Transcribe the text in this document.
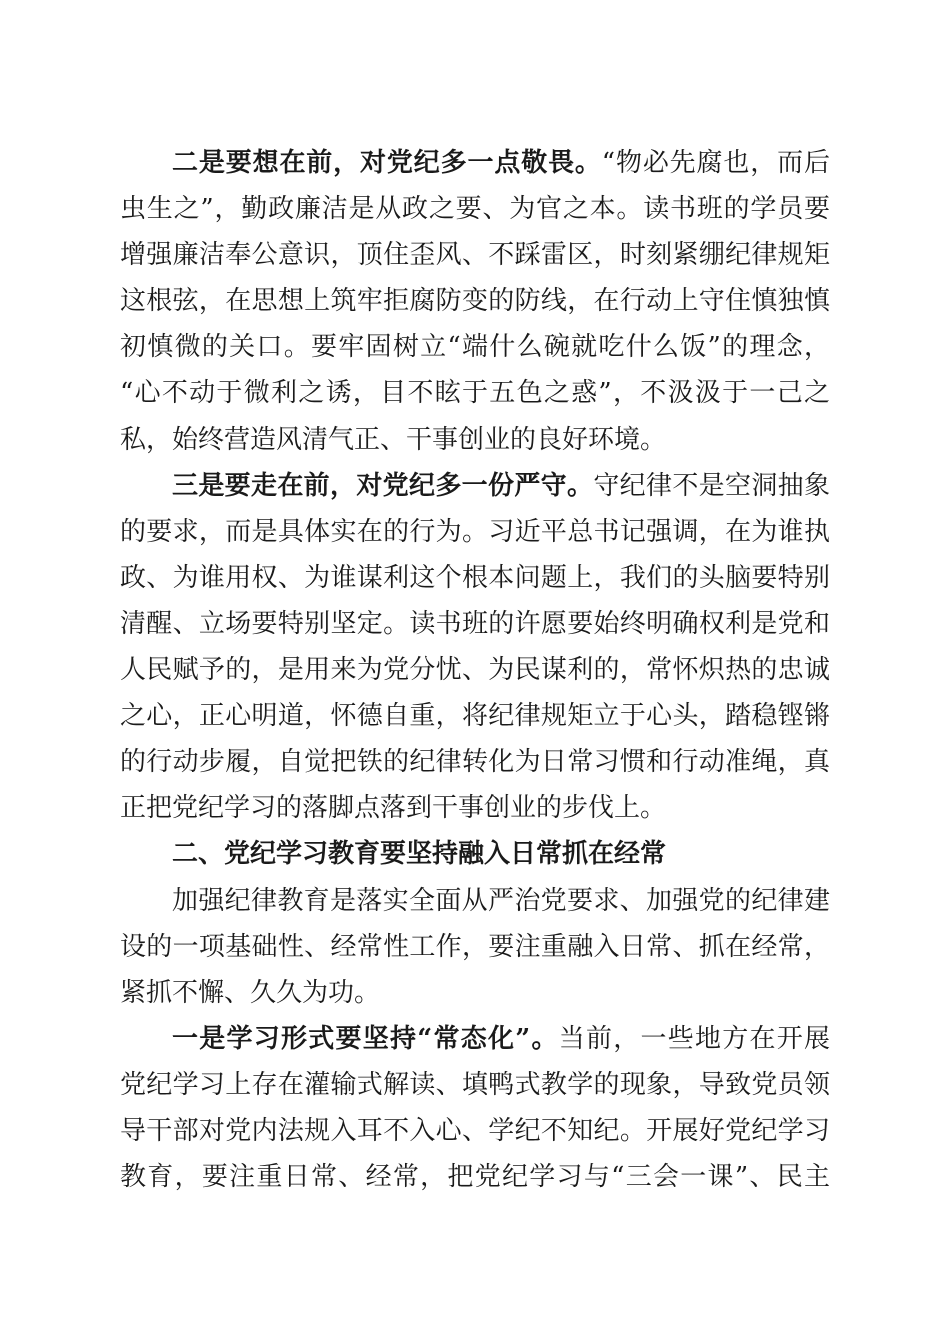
二是要想在前，对党纪多一点敬畏。“物必先腐也，而后
虫生之”，勤政廉洁是从政之要、为官之本。读书班的学员要
增强廉洁奉公意识，顶住歪风、不踩雷区，时刻紧绷纪律规矩
这根弦，在思想上筑牢拒腐防变的防线，在行动上守住慎独慎
初慎微的关口。要牢固树立“端什么碗就吃什么饭”的理念，
“心不动于微利之诱，目不眩于五色之惑”，不汲汲于一己之
私，始终营造风清气正、干事创业的良好环境。
三是要走在前，对党纪多一份严守。守纪律不是空洞抽象
的要求，而是具体实在的行为。习近平总书记强调，在为谁执
政、为谁用权、为谁谋利这个根本问题上，我们的头脑要特别
清醒、立场要特别坚定。读书班的许愿要始终明确权利是党和
人民赋予的，是用来为党分忧、为民谋利的，常怀炽热的忠诚
之心，正心明道，怀德自重，将纪律规矩立于心头，踏稳铿锵
的行动步履，自觉把铁的纪律转化为日常习惯和行动准绳，真
正把党纪学习的落脚点落到干事创业的步伐上。
二、党纪学习教育要坚持融入日常抓在经常
加强纪律教育是落实全面从严治党要求、加强党的纪律建
设的一项基础性、经常性工作，要注重融入日常、抓在经常，
紧抓不懈、久久为功。
一是学习形式要坚持“常态化”。当前，一些地方在开展
党纪学习上存在灌输式解读、填鸭式教学的现象，导致党员领
导干部对党内法规入耳不入心、学纪不知纪。开展好党纪学习
教育，要注重日常、经常，把党纪学习与“三会一课”、民主
